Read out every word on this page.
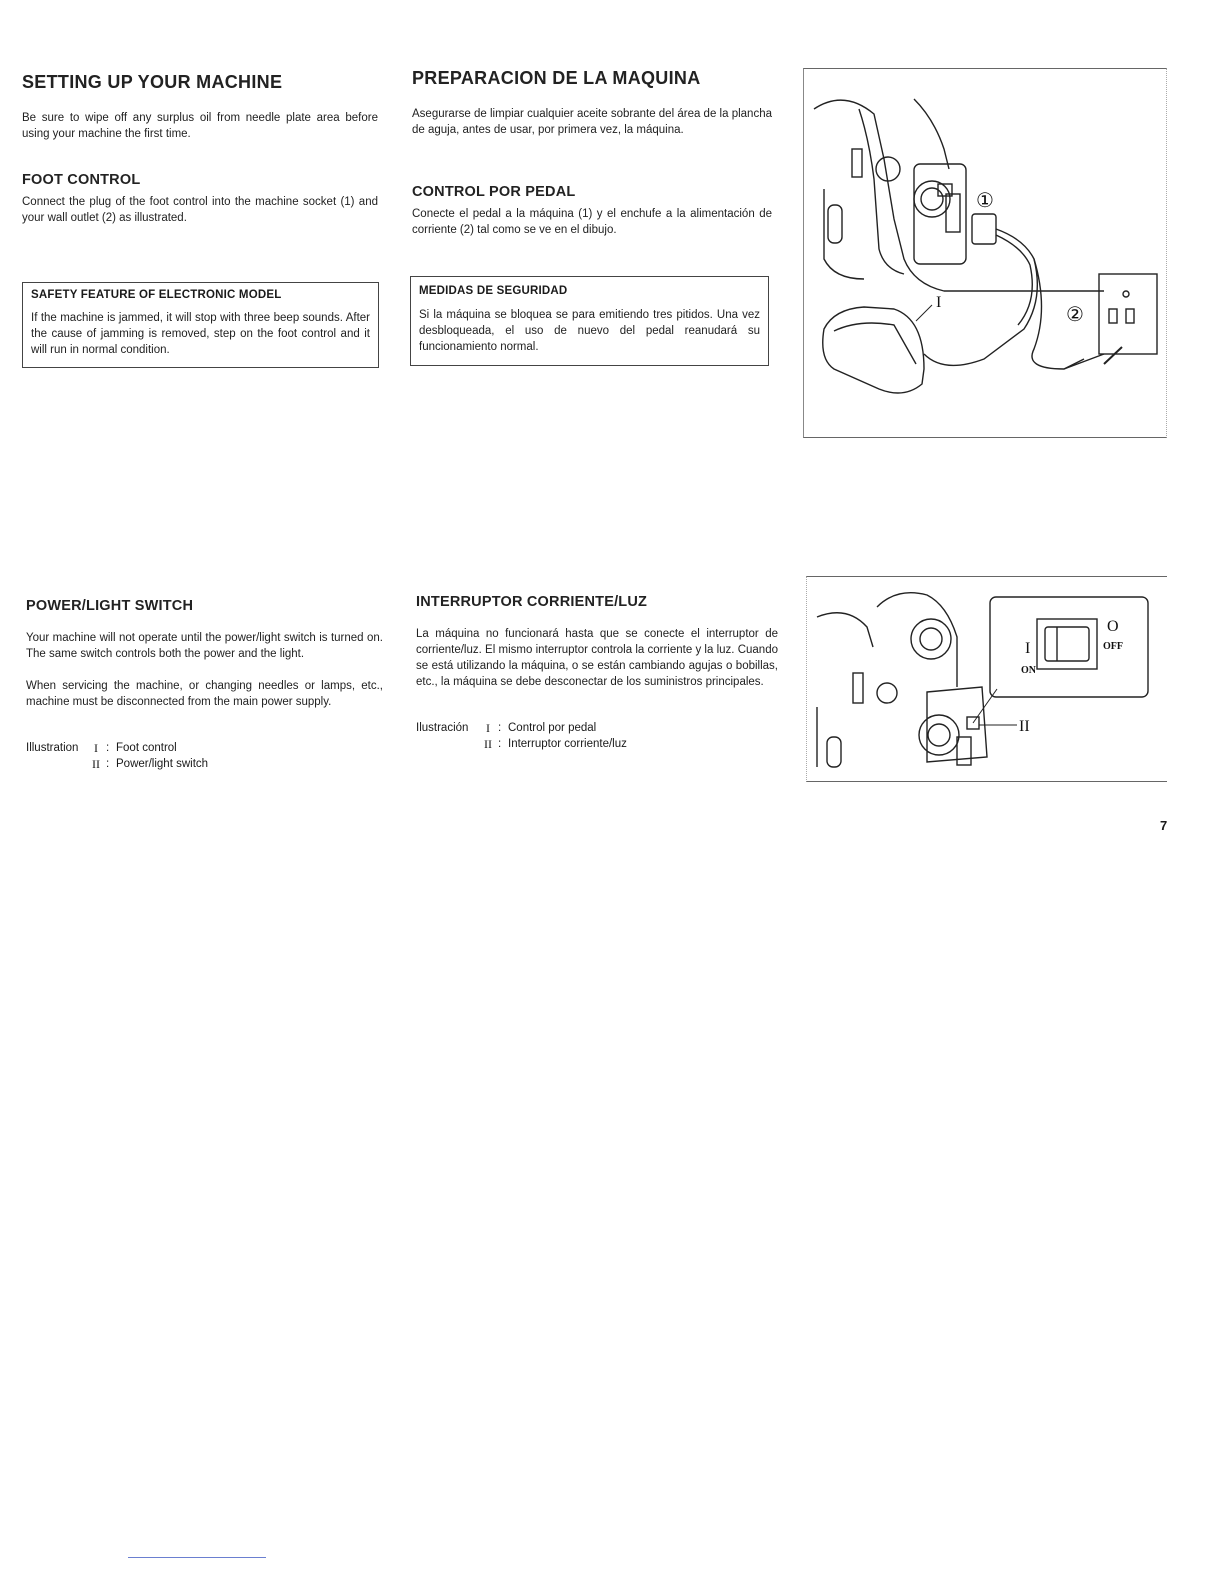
SETTING UP YOUR MACHINE
Be sure to wipe off any surplus oil from needle plate area before using your machine the first time.
FOOT CONTROL
Connect the plug of the foot control into the machine socket (1) and your wall outlet (2) as illustrated.
SAFETY FEATURE OF ELECTRONIC MODEL
If the machine is jammed, it will stop with three beep sounds. After the cause of jamming is removed, step on the foot control and it will run in normal condition.
PREPARACION DE LA MAQUINA
Asegurarse de limpiar cualquier aceite sobrante del área de la plancha de aguja, antes de usar, por primera vez, la máquina.
CONTROL POR PEDAL
Conecte el pedal a la máquina (1) y el enchufe a la alimentación de corriente (2) tal como se ve en el dibujo.
MEDIDAS DE SEGURIDAD
Si la máquina se bloquea se para emitiendo tres pitidos. Una vez desbloqueada, el uso de nuevo del pedal reanudará su funcionamiento normal.
①
②
I
POWER/LIGHT SWITCH
Your machine will not operate until the power/light switch is turned on. The same switch controls both the power and the light.
When servicing the machine, or changing needles or lamps, etc., machine must be disconnected from the main power supply.
Illustration	I : Foot control
II : Power/light switch
INTERRUPTOR CORRIENTE/LUZ
La máquina no funcionará hasta que se conecte el interruptor de corriente/luz. El mismo interruptor controla la corriente y la luz. Cuando se está utilizando la máquina, o se están cambiando agujas o bobillas, etc., la máquina se debe desconectar de los suministros principales.
Ilustración	I : Control por pedal
II : Interruptor corriente/luz
I
O
ON
OFF
II
7
